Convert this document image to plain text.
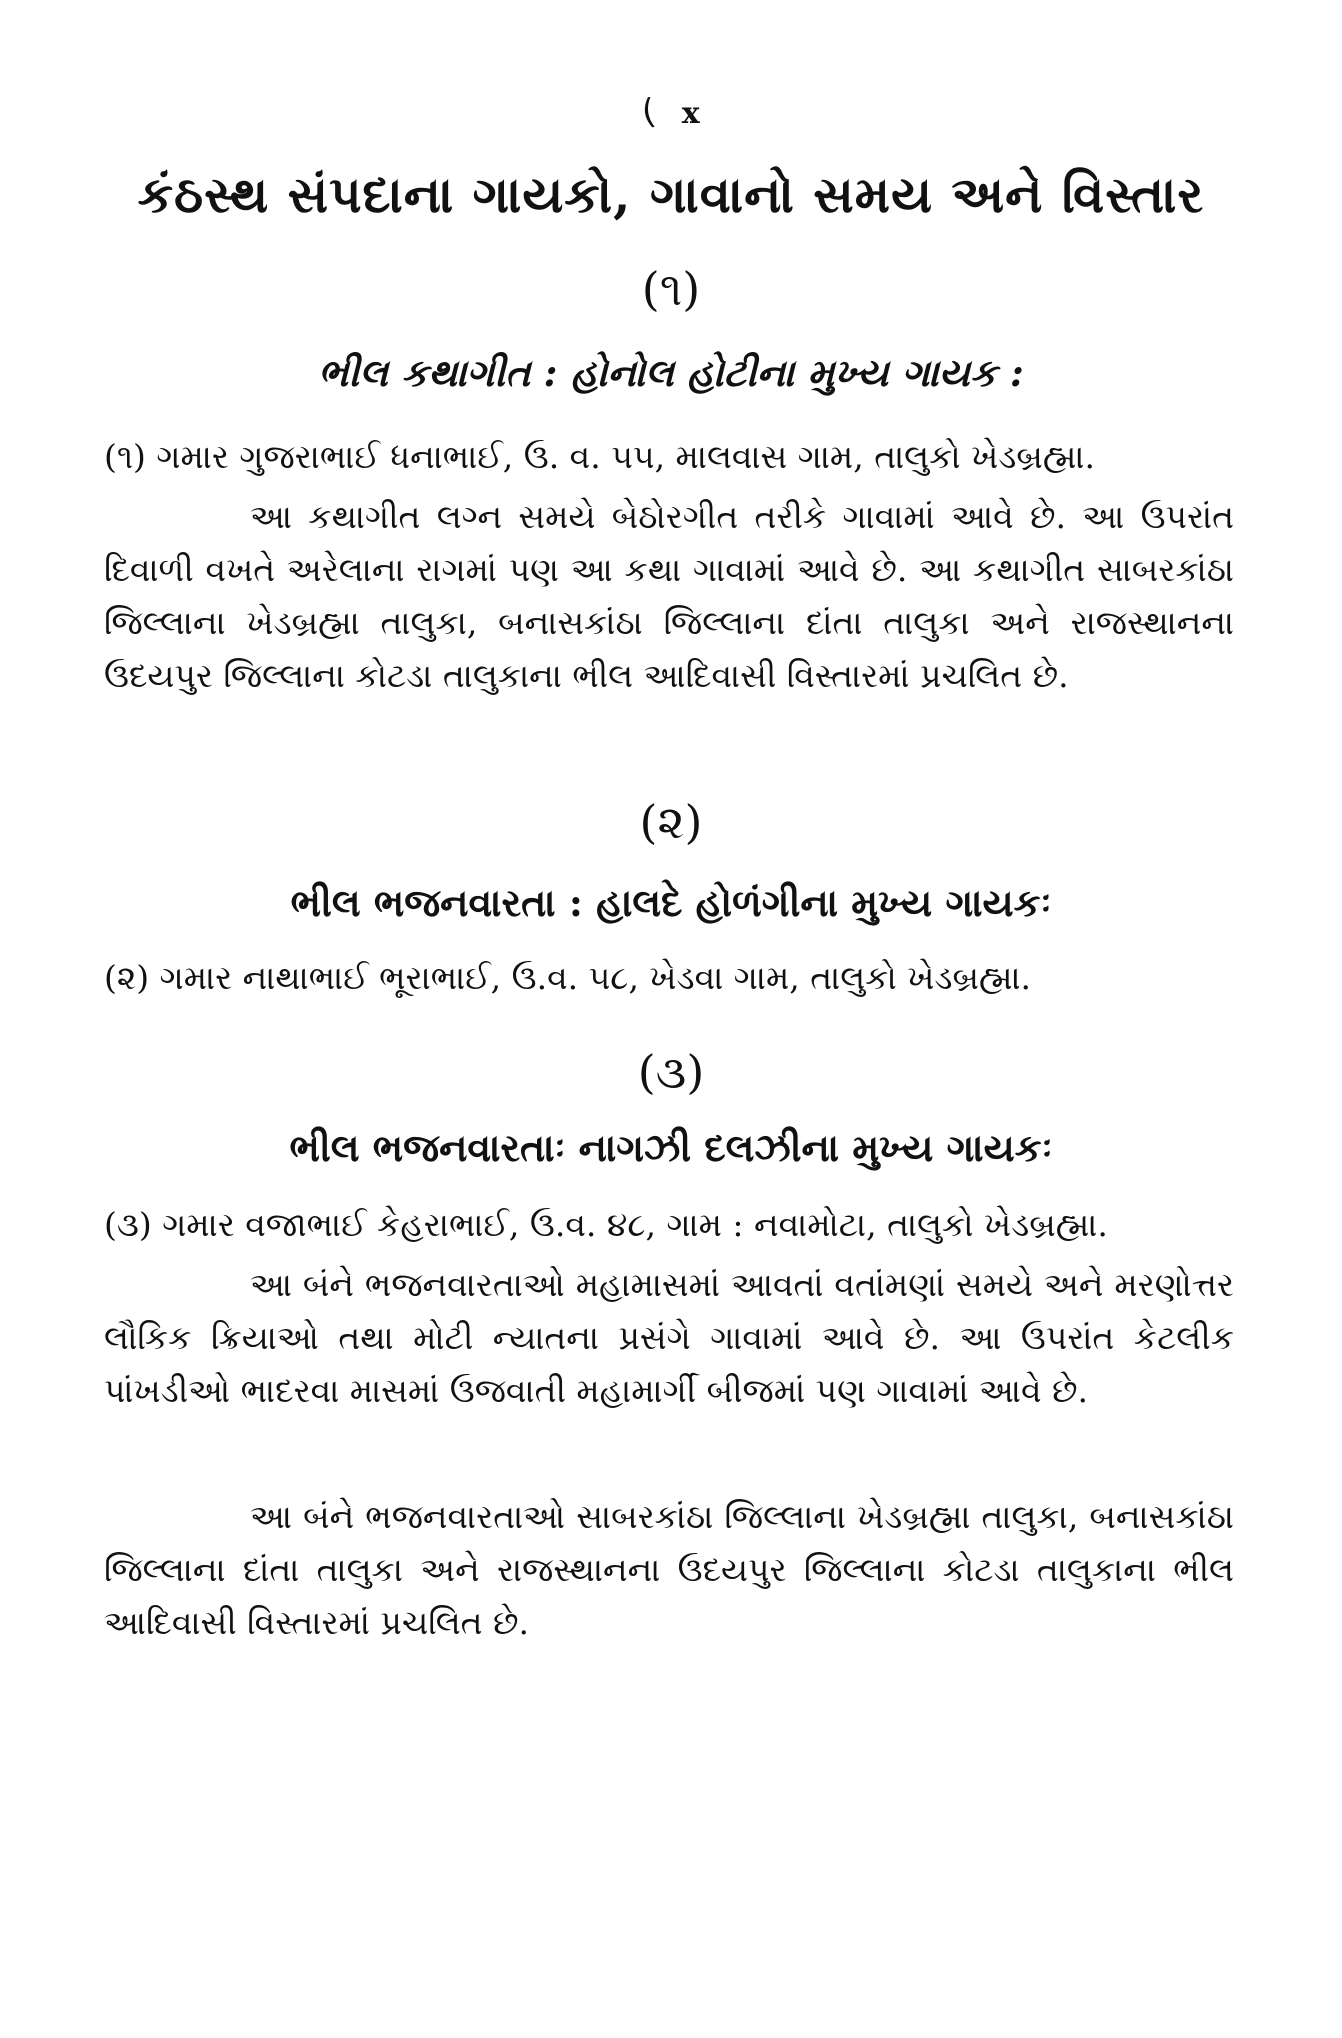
( x
કંઠસ્થ સંપદાના ગાયકો, ગાવાનો સમય અને વિસ્તાર
(૧)
ભીલ કથાગીત : હોનોલ હોટીના મુખ્ય ગાયક :
(૧) ગમાર ગુજરાભાઈ ધનાભાઈ, ઉ. વ. ૫૫, માલવાસ ગામ, તાલુકો ખેડબ્રહ્મા.

આ કથાગીત લગ્ન સમયે બેઠોરગીત તરીકે ગાવામાં આવે છે. આ ઉપરાંત દિવાળી વખતે અરેલાના રાગમાં પણ આ કથા ગાવામાં આવે છે. આ કથાગીત સાબરકાંઠા જિલ્લાના ખેડબ્રહ્મા તાલુકા, બનાસકાંઠા જિલ્લાના દાંતા તાલુકા અને રાજસ્થાનના ઉદયપુર જિલ્લાના કોટડા તાલુકાના ભીલ આદિવાસી વિસ્તારમાં પ્રચલિત છે.

(૨)
ભીલ ભજનવારતા : હાલદે હોળંગીના મુખ્ય ગાયકઃ
(૨) ગમાર નાથાભાઈ ભૂરાભાઈ, ઉ.વ. ૫૮, ખેડવા ગામ, તાલુકો ખેડબ્રહ્મા.
(૩)
ભીલ ભજનવારતાઃ નાગઝી દલઝીના મુખ્ય ગાયકઃ
(૩) ગમાર વજાભાઈ કેહરાભાઈ, ઉ.વ. ૪૮, ગામ : નવામોટા, તાલુકો ખેડબ્રહ્મા.

આ બંને ભજનવારતાઓ મહામાસમાં આવતાં વતાંમણાં સમયે અને મરણોત્તર લૌકિક ક્રિયાઓ તથા મોટી ન્યાતના પ્રસંગે ગાવામાં આવે છે. આ ઉપરાંત કેટલીક પાંખડીઓ ભાદરવા માસમાં ઉજવાતી મહામાર્ગી બીજમાં પણ ગાવામાં આવે છે.

આ બંને ભજનવારતાઓ સાબરકાંઠા જિલ્લાના ખેડબ્રહ્મા તાલુકા, બનાસકાંઠા જિલ્લાના દાંતા તાલુકા અને રાજસ્થાનના ઉદયપુર જિલ્લાના કોટડા તાલુકાના ભીલ આદિવાસી વિસ્તારમાં પ્રચલિત છે.
